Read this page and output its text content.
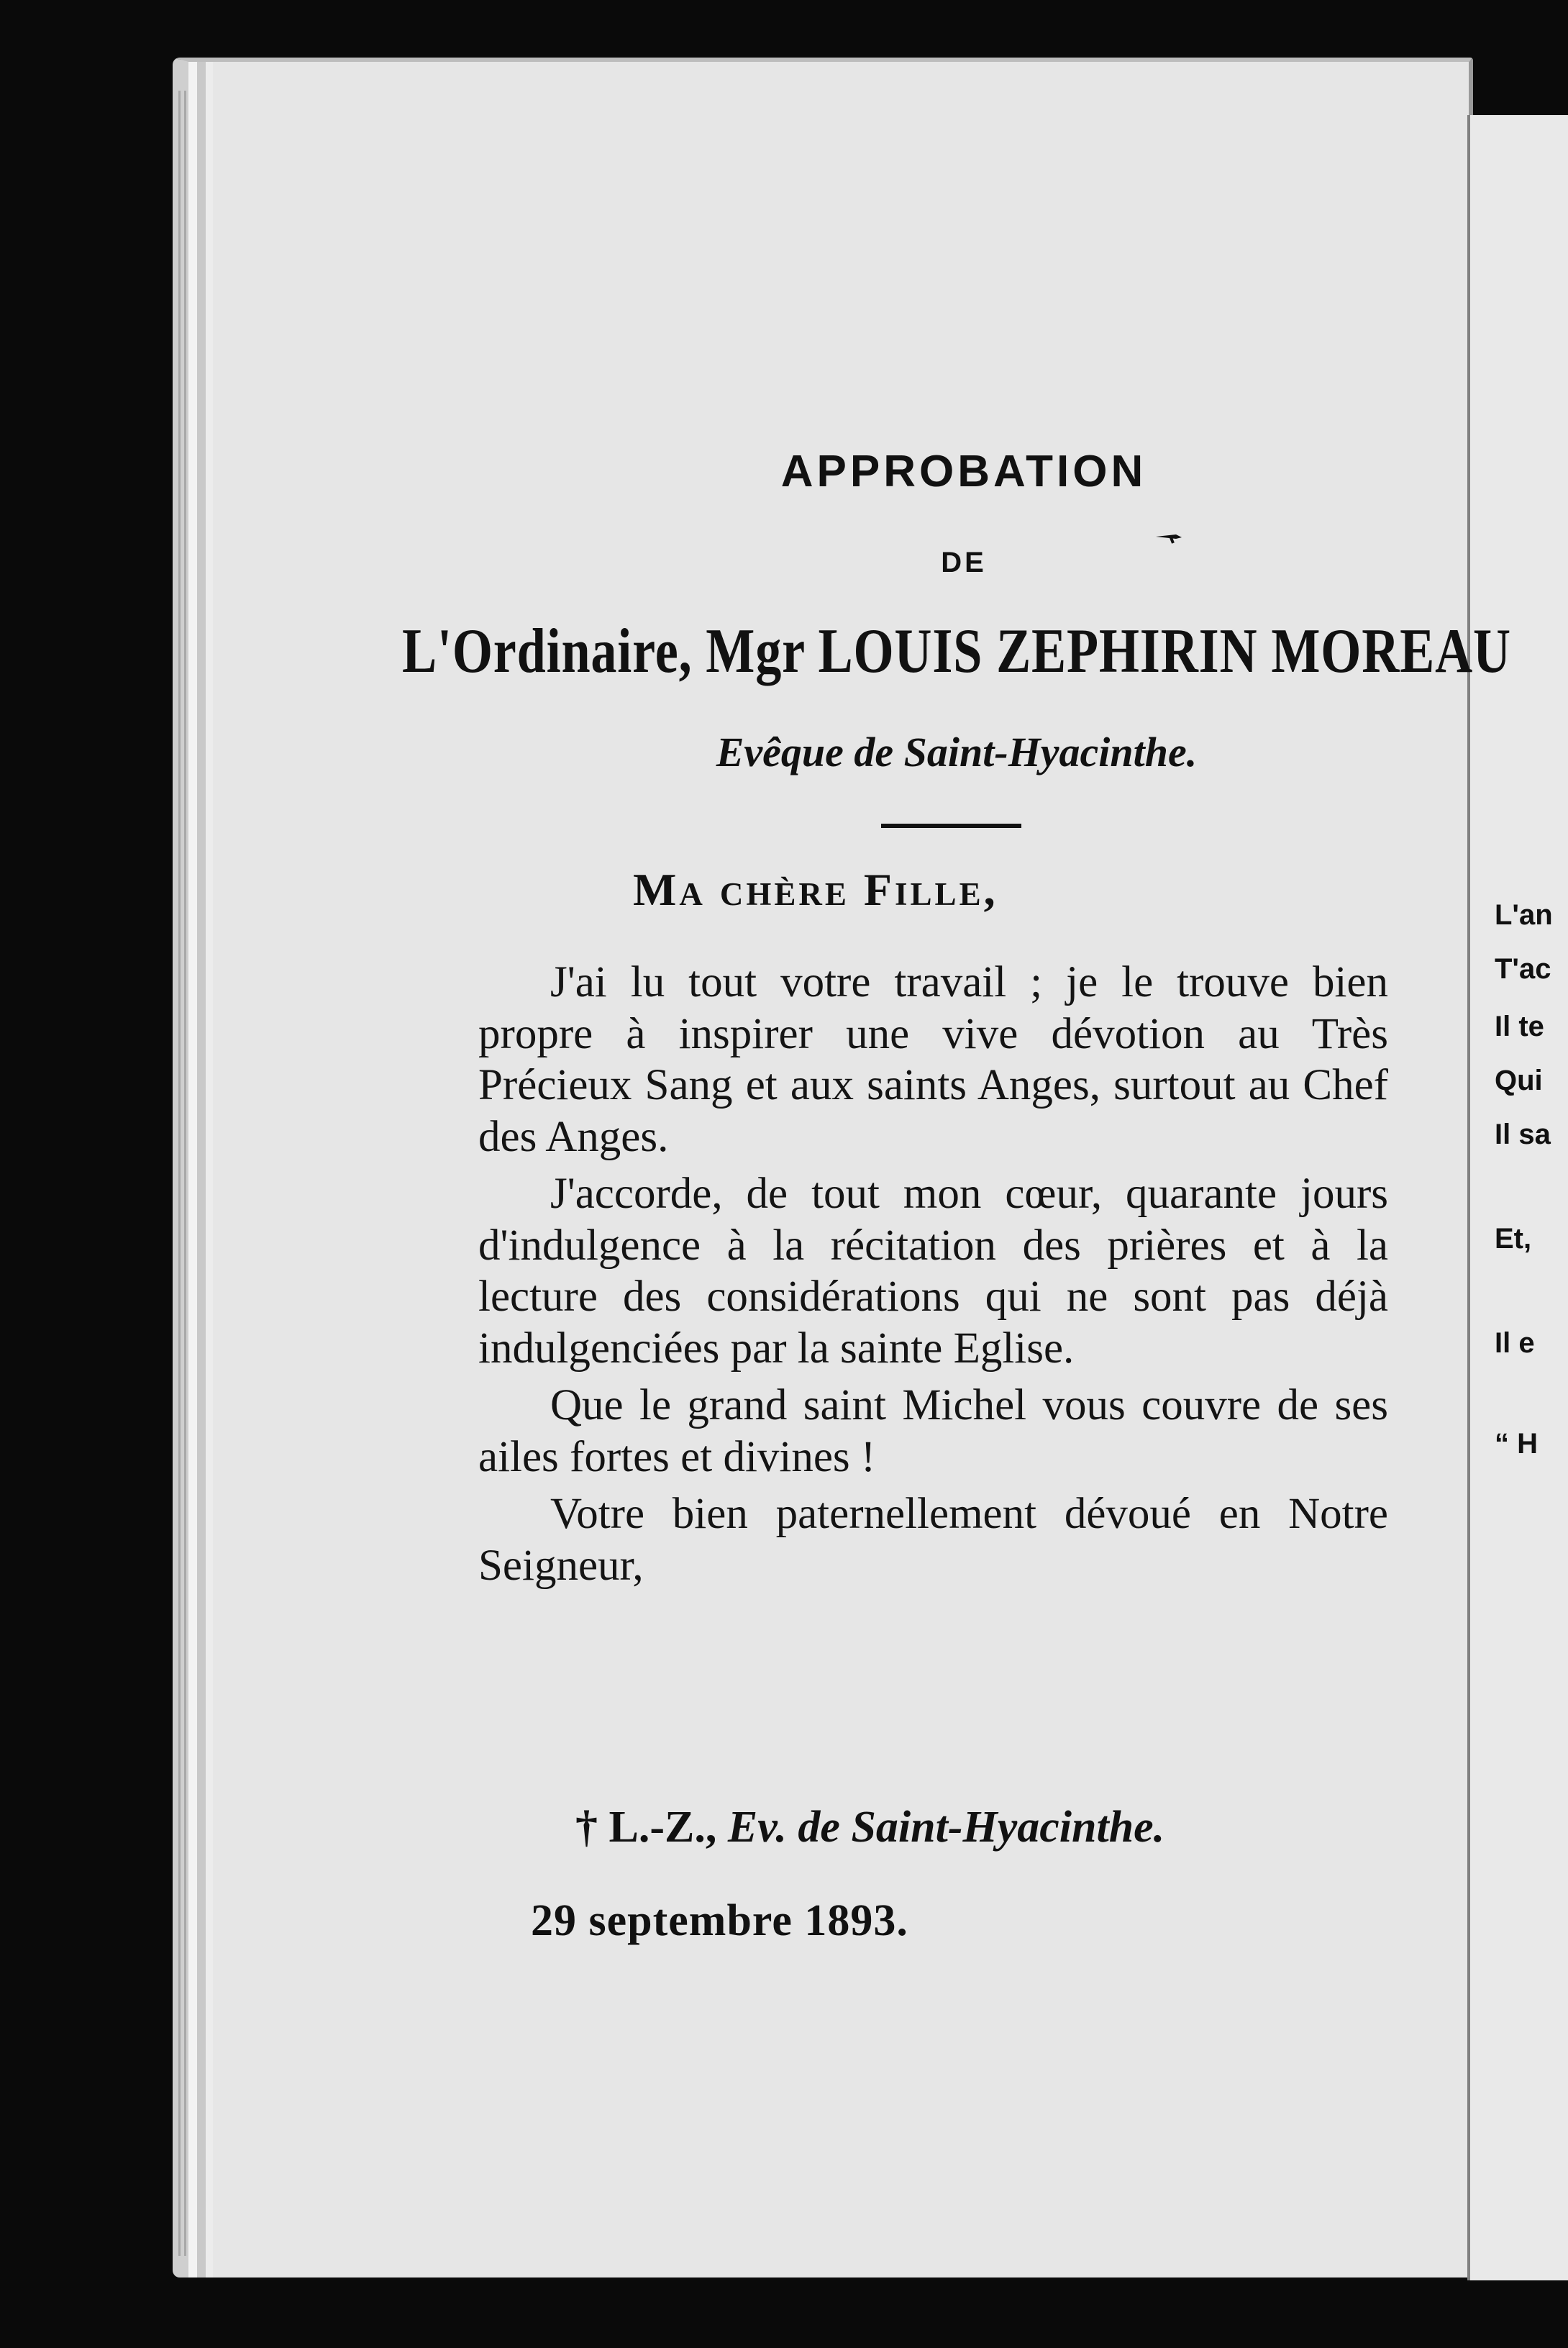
L'an
T'ac
Il te
Qui
Il sa
Et,
Il e
“ H
APPROBATION
DE
L'Ordinaire, Mgr LOUIS ZEPHIRIN MOREAU
Evêque de Saint-Hyacinthe.
Ma chère Fille,

J'ai lu tout votre travail ; je le trouve bien propre à inspirer une vive dévotion au Très Précieux Sang et aux saints Anges, surtout au Chef des Anges.

J'accorde, de tout mon cœur, quarante jours d'indulgence à la récitation des prières et à la lecture des considérations qui ne sont pas déjà indulgenciées par la sainte Eglise.

Que le grand saint Michel vous couvre de ses ailes fortes et divines !

Votre bien paternellement dévoué en Notre Seigneur,

† L.-Z., Ev. de Saint-Hyacinthe.
29 septembre 1893.
